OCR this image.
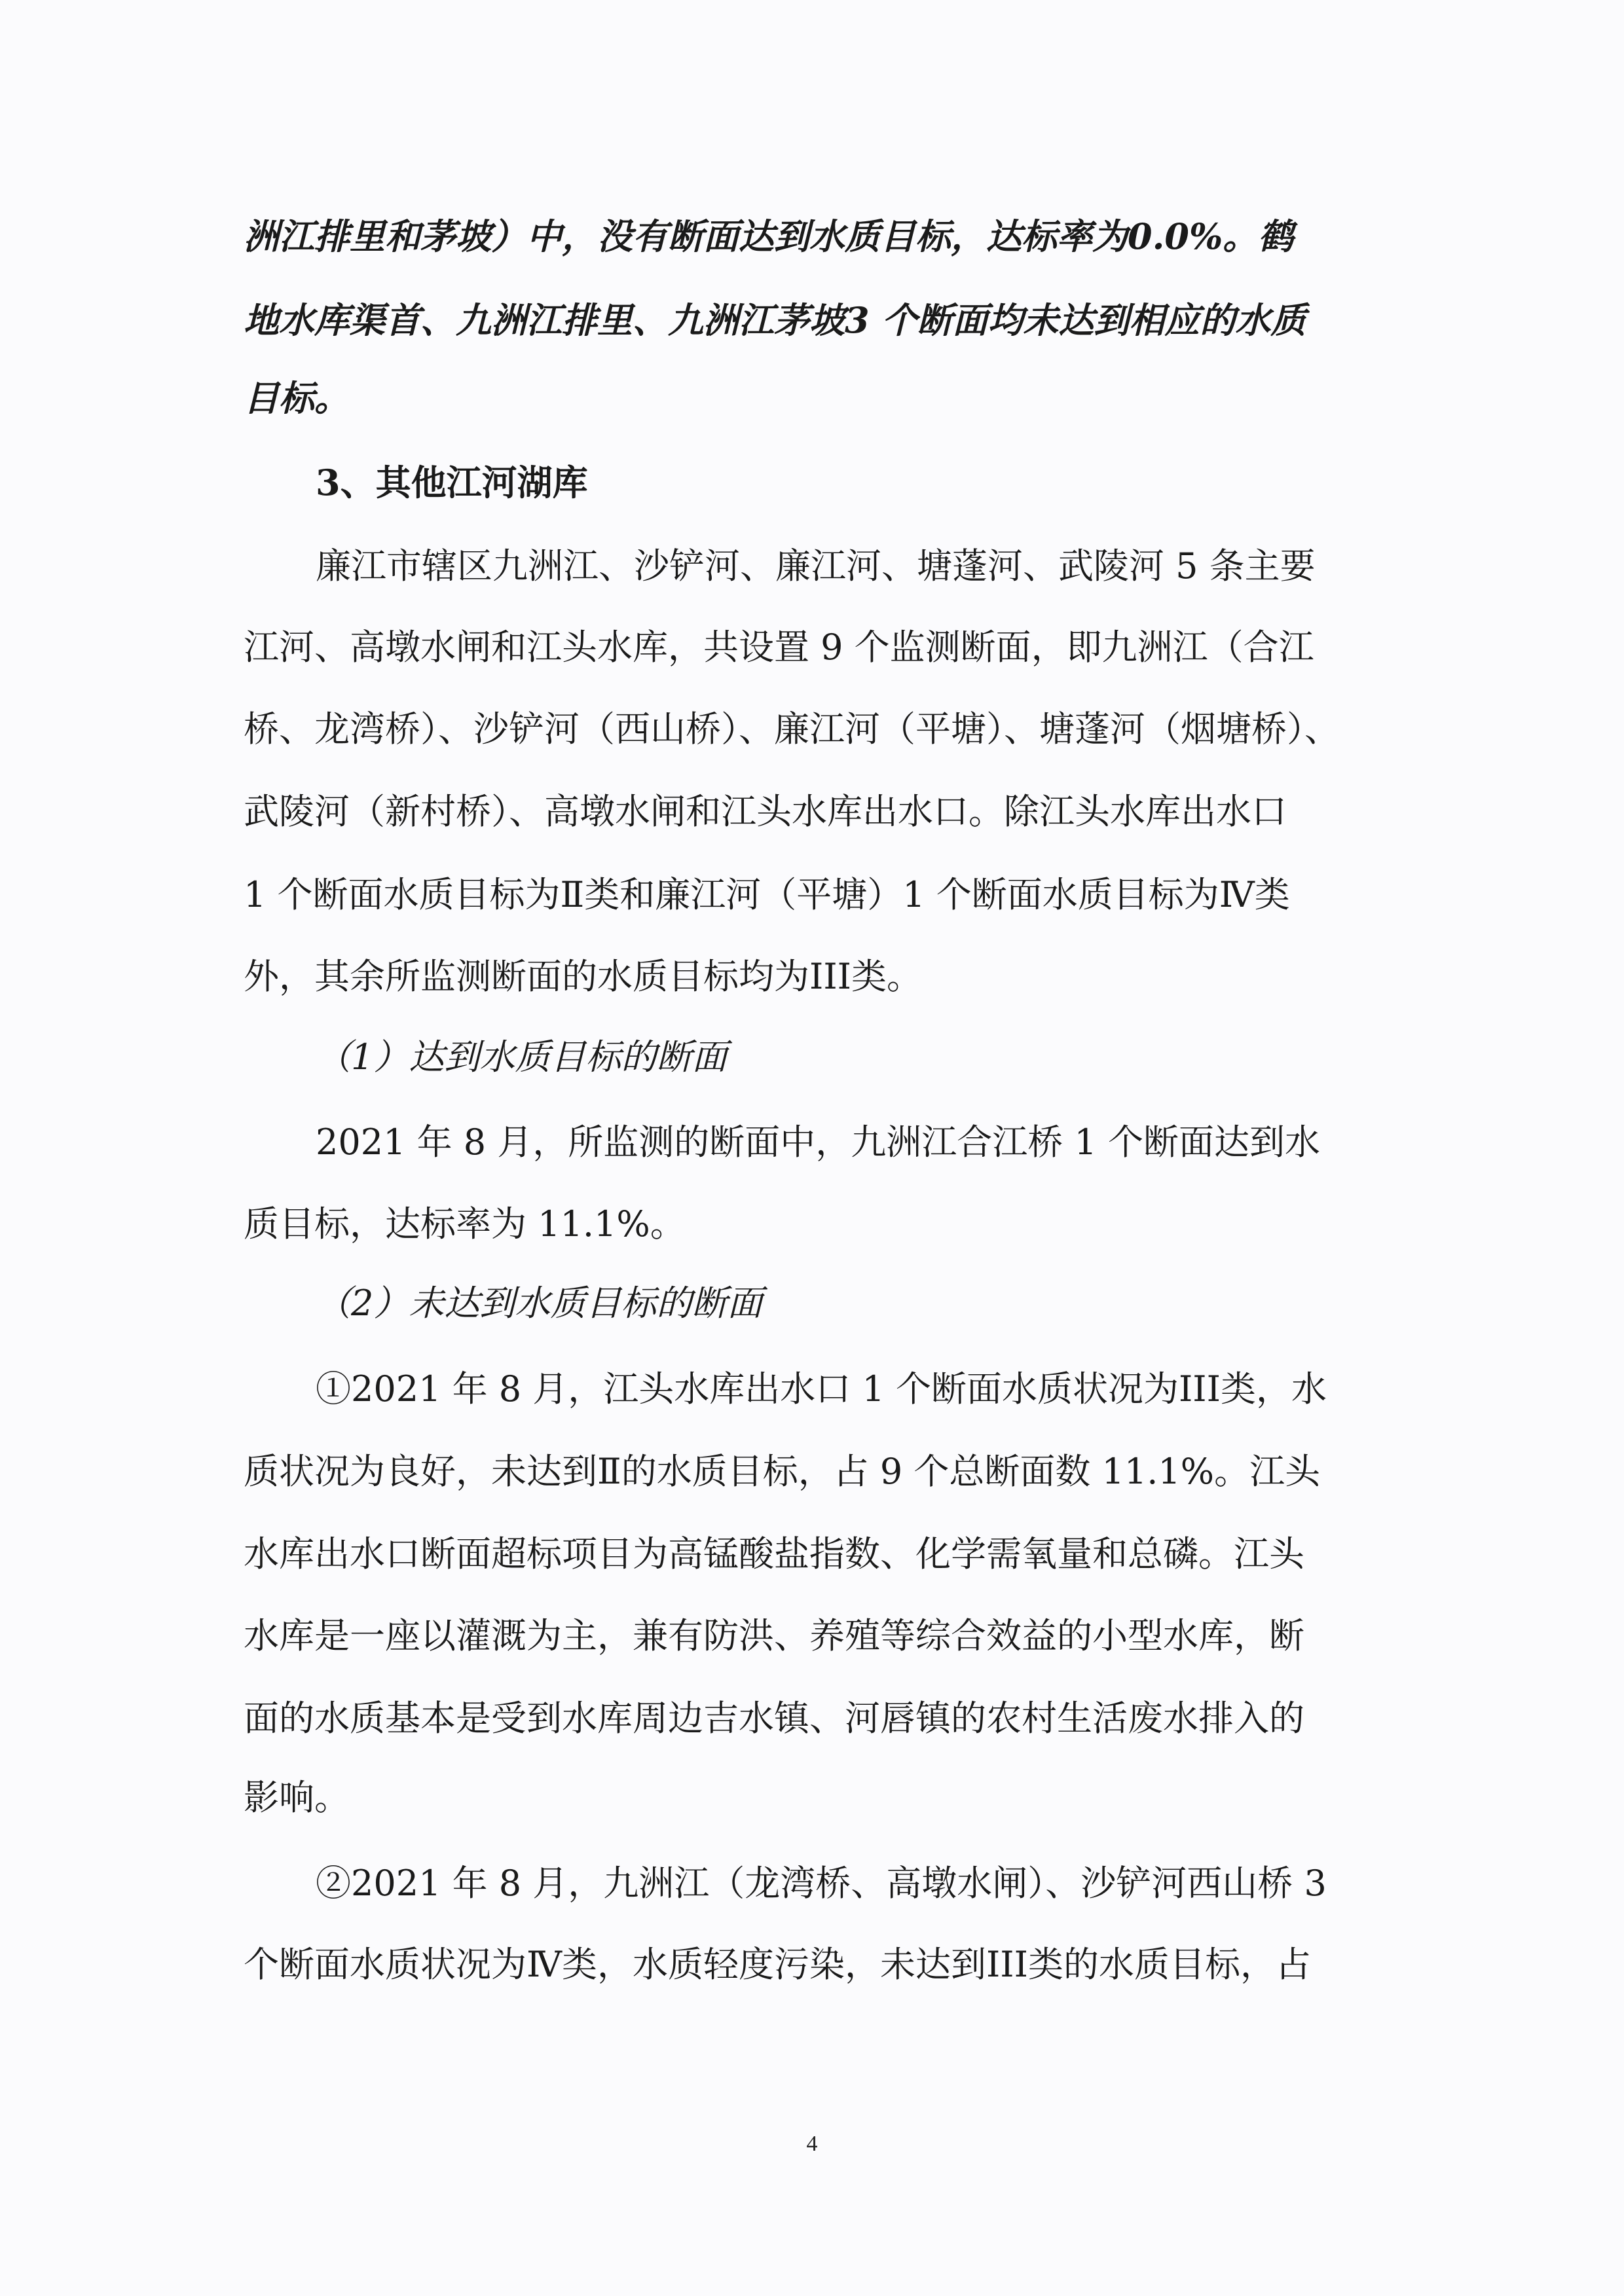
洲江排里和茅坡）中，没有断面达到水质目标，达标率为0.0%。鹤
地水库渠首、九洲江排里、九洲江茅坡3 个断面均未达到相应的水质
目标。
3、其他江河湖库
廉江市辖区九洲江、沙铲河、廉江河、塘蓬河、武陵河 5 条主要
江河、高墩水闸和江头水库，共设置 9 个监测断面，即九洲江（合江
桥、龙湾桥）、沙铲河（西山桥）、廉江河（平塘）、塘蓬河（烟塘桥）、
武陵河（新村桥）、高墩水闸和江头水库出水口。除江头水库出水口
1 个断面水质目标为Ⅱ类和廉江河（平塘）1 个断面水质目标为Ⅳ类
外，其余所监测断面的水质目标均为III类。
（1）达到水质目标的断面
2021 年 8 月，所监测的断面中，九洲江合江桥 1 个断面达到水
质目标，达标率为 11.1%。
（2）未达到水质目标的断面
①2021 年 8 月，江头水库出水口 1 个断面水质状况为III类，水
质状况为良好，未达到Ⅱ的水质目标，占 9 个总断面数 11.1%。江头
水库出水口断面超标项目为高锰酸盐指数、化学需氧量和总磷。江头
水库是一座以灌溉为主，兼有防洪、养殖等综合效益的小型水库，断
面的水质基本是受到水库周边吉水镇、河唇镇的农村生活废水排入的
影响。
②2021 年 8 月，九洲江（龙湾桥、高墩水闸）、沙铲河西山桥 3
个断面水质状况为Ⅳ类，水质轻度污染，未达到III类的水质目标，占
4
